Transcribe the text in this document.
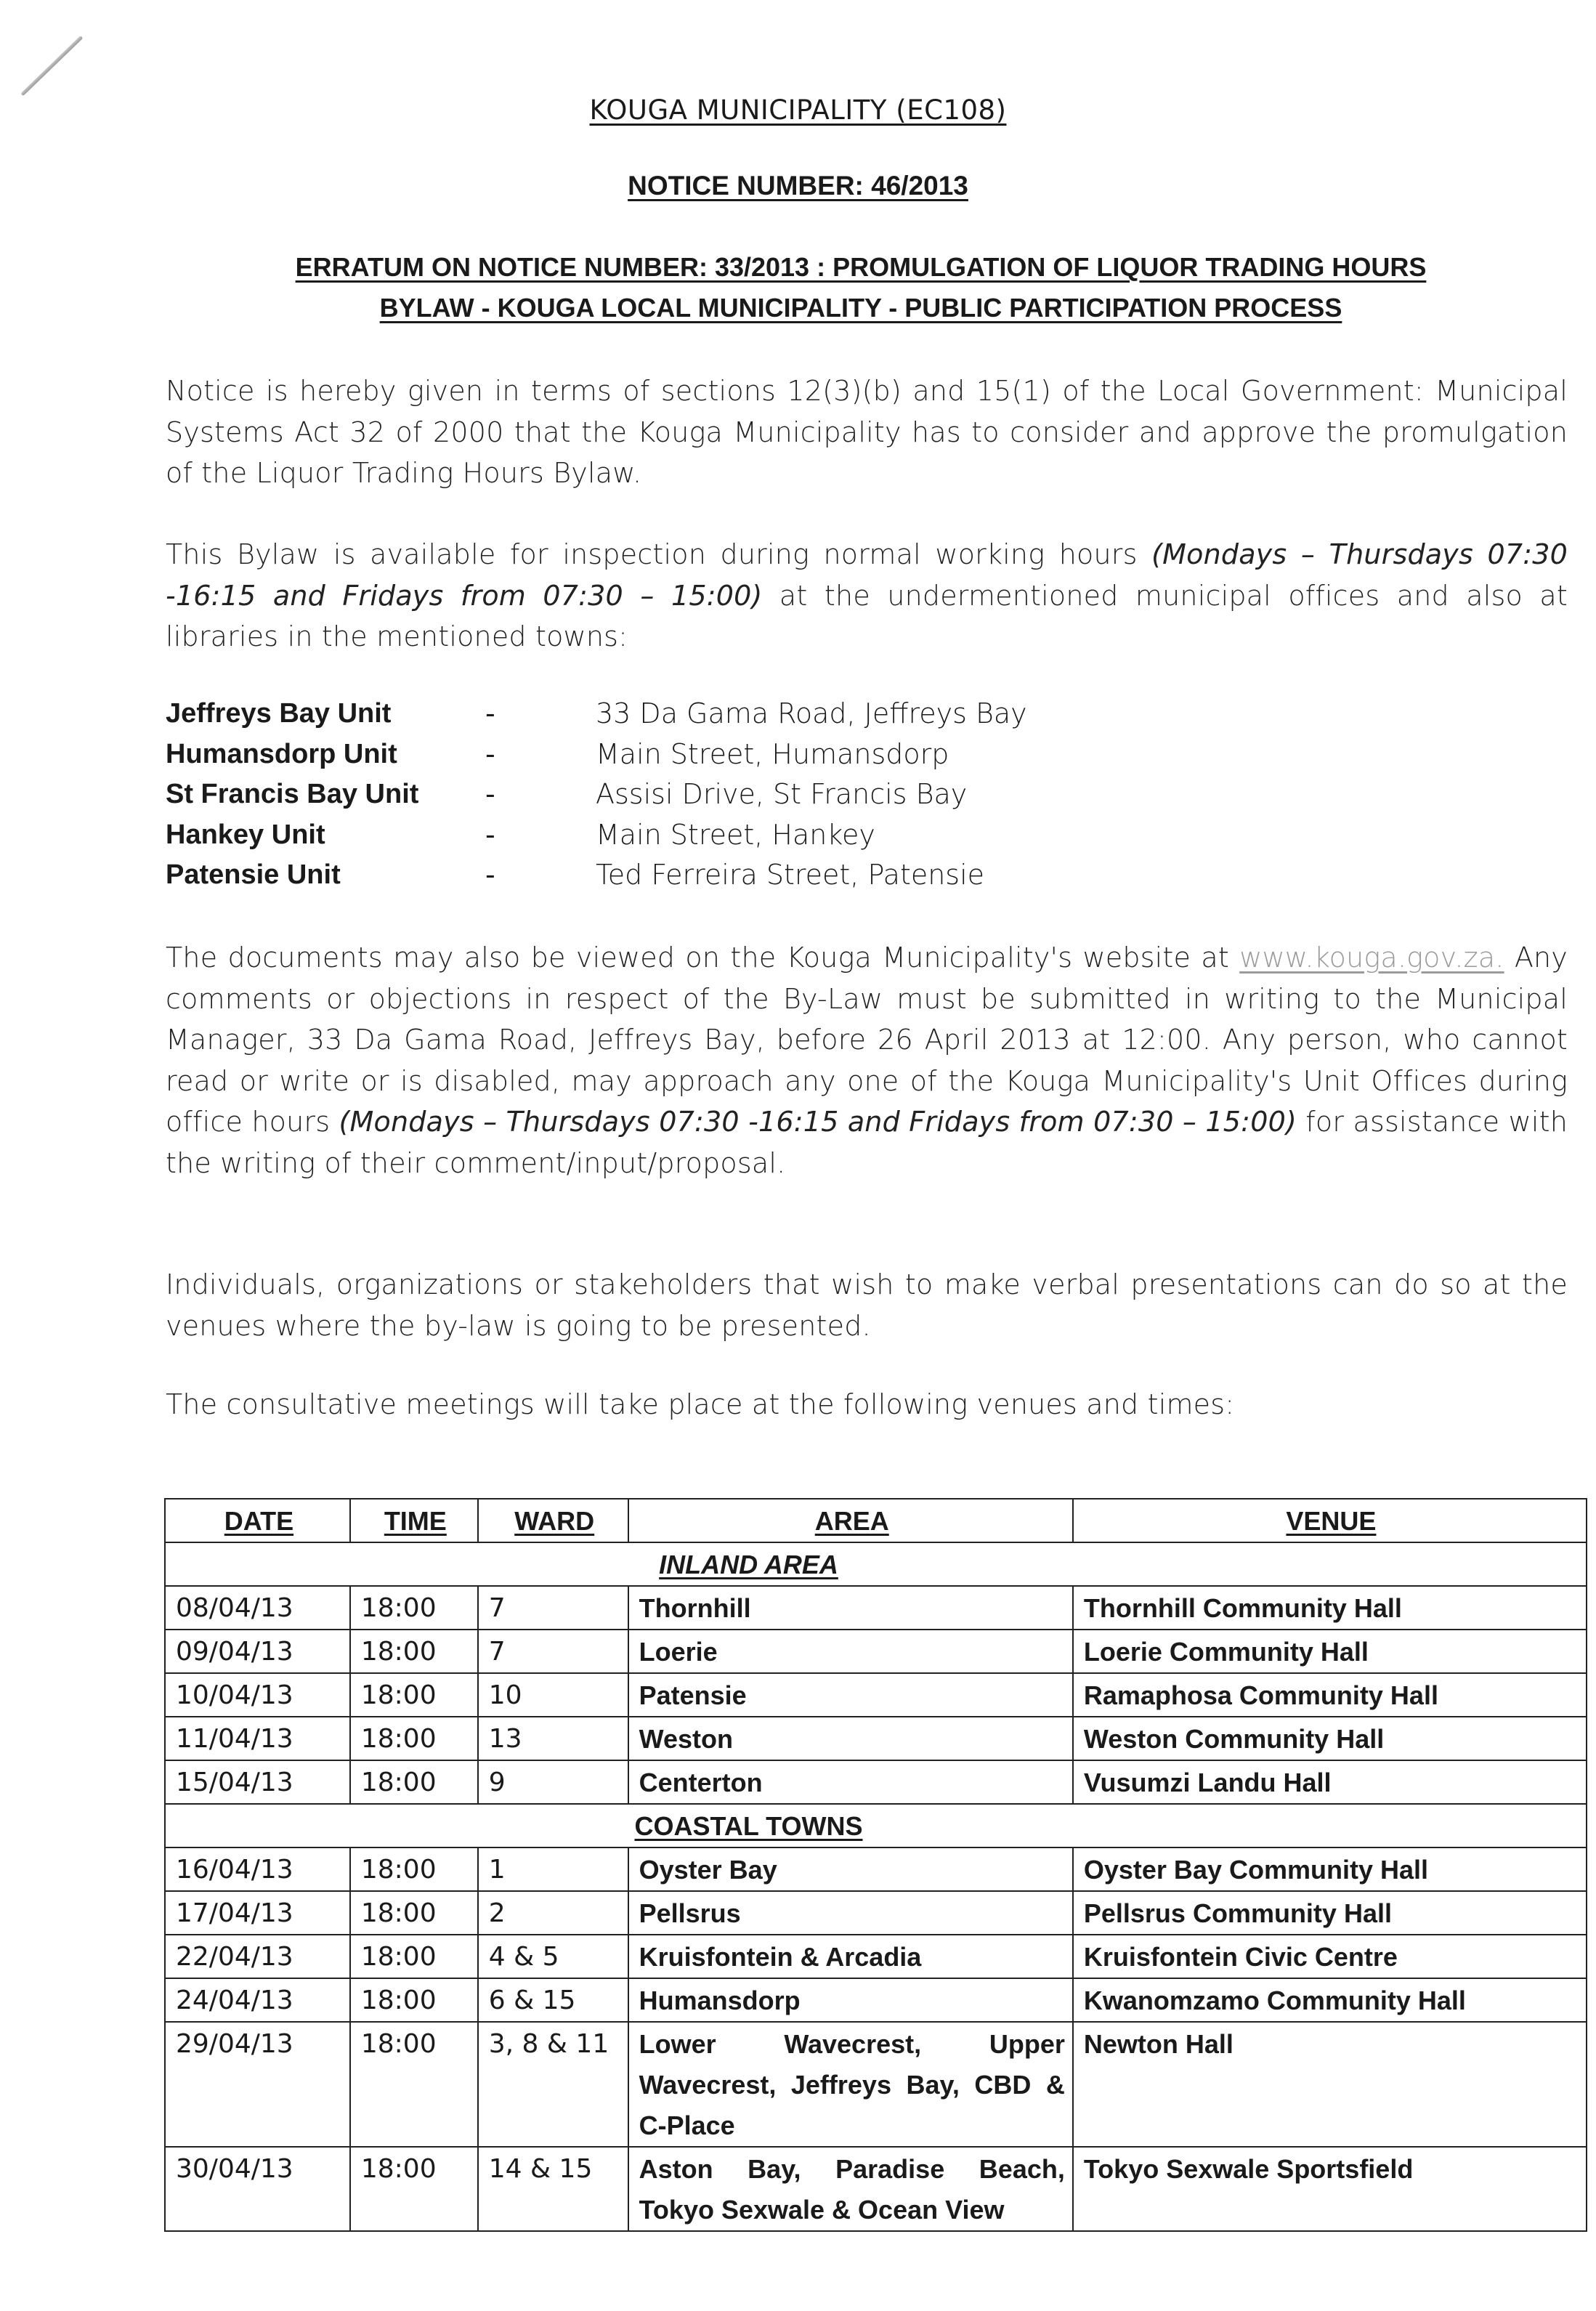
KOUGA MUNICIPALITY (EC108)
NOTICE NUMBER: 46/2013
ERRATUM ON NOTICE NUMBER: 33/2013 : PROMULGATION OF LIQUOR TRADING HOURS
BYLAW - KOUGA LOCAL MUNICIPALITY - PUBLIC PARTICIPATION PROCESS

Notice is hereby given in terms of sections 12(3)(b) and 15(1) of the Local Government: Municipal Systems Act 32 of 2000 that the Kouga Municipality has to consider and approve the promulgation of the Liquor Trading Hours Bylaw.

This Bylaw is available for inspection during normal working hours (Mondays – Thursdays 07:30 -16:15 and Fridays from 07:30 – 15:00) at the undermentioned municipal offices and also at libraries in the mentioned towns:

Jeffreys Bay Unit	-	33 Da Gama Road, Jeffreys Bay
Humansdorp Unit	-	Main Street, Humansdorp
St Francis Bay Unit -	Assisi Drive, St Francis Bay
Hankey Unit	-	Main Street, Hankey
Patensie Unit	-	Ted Ferreira Street, Patensie

The documents may also be viewed on the Kouga Municipality's website at www.kouga.gov.za. Any comments or objections in respect of the By-Law must be submitted in writing to the Municipal Manager, 33 Da Gama Road, Jeffreys Bay, before 26 April 2013 at 12:00. Any person, who cannot read or write or is disabled, may approach any one of the Kouga Municipality's Unit Offices during office hours (Mondays – Thursdays 07:30 -16:15 and Fridays from 07:30 – 15:00) for assistance with the writing of their comment/input/proposal.

Individuals, organizations or stakeholders that wish to make verbal presentations can do so at the venues where the by-law is going to be presented.

The consultative meetings will take place at the following venues and times:

DATE	TIME	WARD	AREA	VENUE
INLAND AREA				
08/04/13	18:00	7	Thornhill	Thornhill Community Hall
09/04/13	18:00	7	Loerie	Loerie Community Hall
10/04/13	18:00	10	Patensie	Ramaphosa Community Hall
11/04/13	18:00	13	Weston	Weston Community Hall
15/04/13	18:00	9	Centerton	Vusumzi Landu Hall
COASTAL TOWNS				
16/04/13	18:00	1	Oyster Bay	Oyster Bay Community Hall
17/04/13	18:00	2	Pellsrus	Pellsrus Community Hall
22/04/13	18:00	4 & 5	Kruisfontein & Arcadia	Kruisfontein Civic Centre
24/04/13	18:00	6 & 15	Humansdorp	Kwanomzamo Community Hall
29/04/13	18:00	3, 8 & 11	Lower Wavecrest, Upper Wavecrest, Jeffreys Bay, CBD & C-Place	Newton Hall
30/04/13	18:00	14 & 15	Aston Bay, Paradise Beach, Tokyo Sexwale & Ocean View	Tokyo Sexwale Sportsfield
